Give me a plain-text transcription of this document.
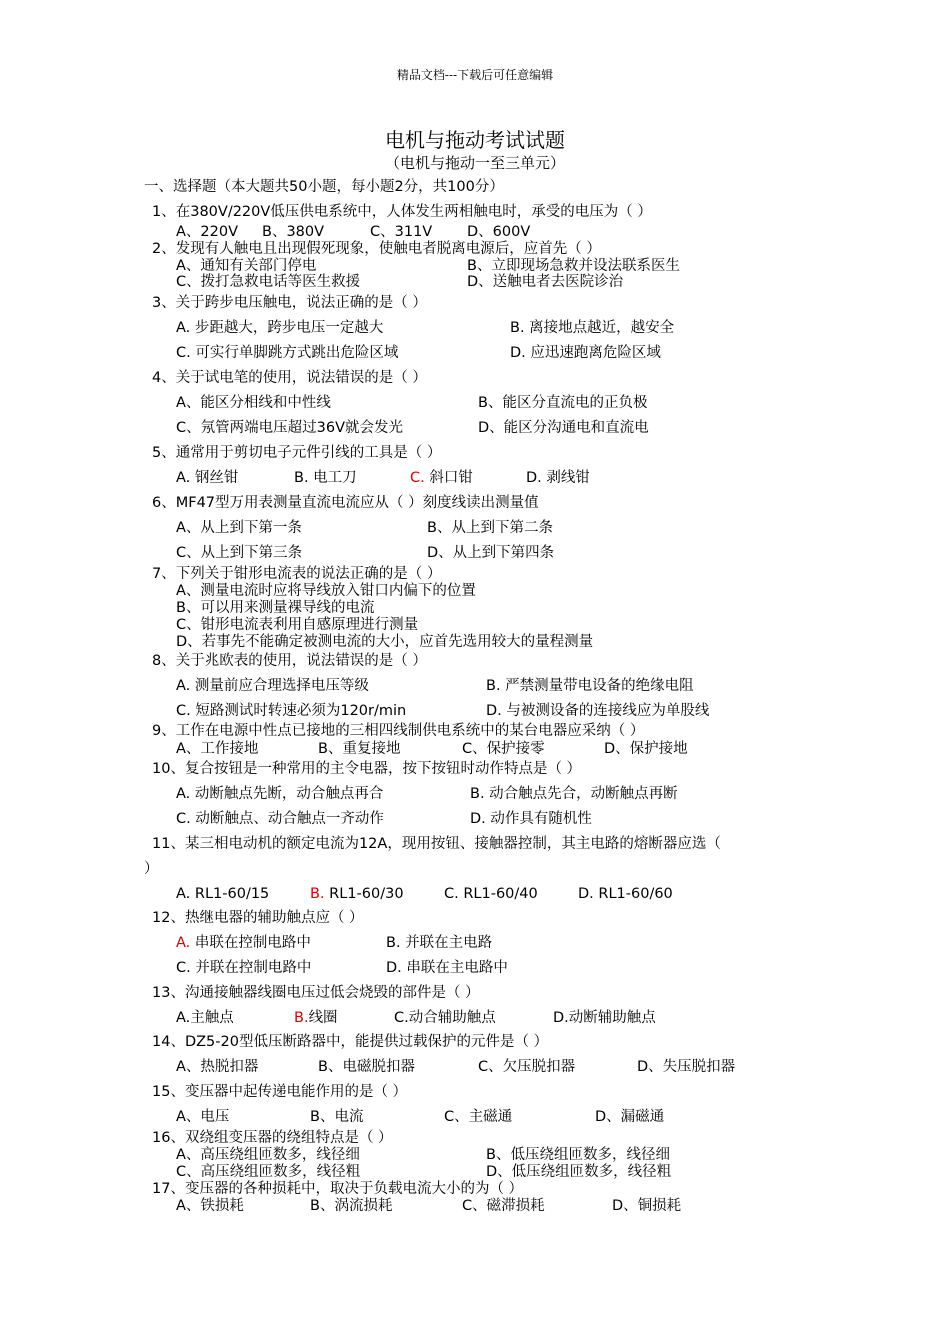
精品文档---下载后可任意编辑
电机与拖动考试试题
（电机与拖动一至三单元）
一、选择题（本大题共50小题，每小题2分，共100分）
1、在380V/220V低压供电系统中，人体发生两相触电时，承受的电压为（ ）
A、220V B、380V	C、311V D、600V
2、发现有人触电且出现假死现象，使触电者脱离电源后，应首先（ ）
A、通知有关部门停电	B、立即现场急救并设法联系医生
C、拨打急救电话等医生救援	D、送触电者去医院诊治
3、关于跨步电压触电，说法正确的是（ ）
A. 步距越大，跨步电压一定越大	B. 离接地点越近，越安全
C. 可实行单脚跳方式跳出危险区域	D. 应迅速跑离危险区域
4、关于试电笔的使用，说法错误的是（ ）
A、能区分相线和中性线	B、能区分直流电的正负极
C、氖管两端电压超过36V就会发光	D、能区分沟通电和直流电
5、通常用于剪切电子元件引线的工具是（ ）
A. 钢丝钳	B. 电工刀	C. 斜口钳	D. 剥线钳
6、MF47型万用表测量直流电流应从（ ）刻度线读出测量值
A、从上到下第一条	B、从上到下第二条
C、从上到下第三条	D、从上到下第四条
7、下列关于钳形电流表的说法正确的是（ ）
A、测量电流时应将导线放入钳口内偏下的位置
B、可以用来测量裸导线的电流
C、钳形电流表利用自感原理进行测量
D、若事先不能确定被测电流的大小，应首先选用较大的量程测量
8、关于兆欧表的使用，说法错误的是（ ）
A. 测量前应合理选择电压等级	B. 严禁测量带电设备的绝缘电阻
C. 短路测试时转速必须为120r/min	D. 与被测设备的连接线应为单股线
9、工作在电源中性点已接地的三相四线制供电系统中的某台电器应采纳（ ）
A、工作接地	B、重复接地	C、保护接零	D、保护接地
10、复合按钮是一种常用的主令电器，按下按钮时动作特点是（ ）
A. 动断触点先断，动合触点再合	B. 动合触点先合，动断触点再断
C. 动断触点、动合触点一齐动作	D. 动作具有随机性
11、某三相电动机的额定电流为12A，现用按钮、接触器控制，其主电路的熔断器应选（
）
A. RL1-60/15	B. RL1-60/30	C. RL1-60/40	D. RL1-60/60
12、热继电器的辅助触点应（ ）
A. 串联在控制电路中	B. 并联在主电路
C. 并联在控制电路中	D. 串联在主电路中
13、沟通接触器线圈电压过低会烧毁的部件是（ ）
A.主触点	B.线圈	C.动合辅助触点	D.动断辅助触点
14、DZ5-20型低压断路器中，能提供过载保护的元件是（ ）
A、热脱扣器	B、电磁脱扣器	C、欠压脱扣器	D、失压脱扣器
15、变压器中起传递电能作用的是（ ）
A、电压	B、电流	C、主磁通	D、漏磁通
16、双绕组变压器的绕组特点是（ ）
A、高压绕组匝数多，线径细	B、低压绕组匝数多，线径细
C、高压绕组匝数多，线径粗	D、低压绕组匝数多，线径粗
17、变压器的各种损耗中，取决于负载电流大小的为（ ）
A、铁损耗	B、涡流损耗	C、磁滞损耗	D、铜损耗
